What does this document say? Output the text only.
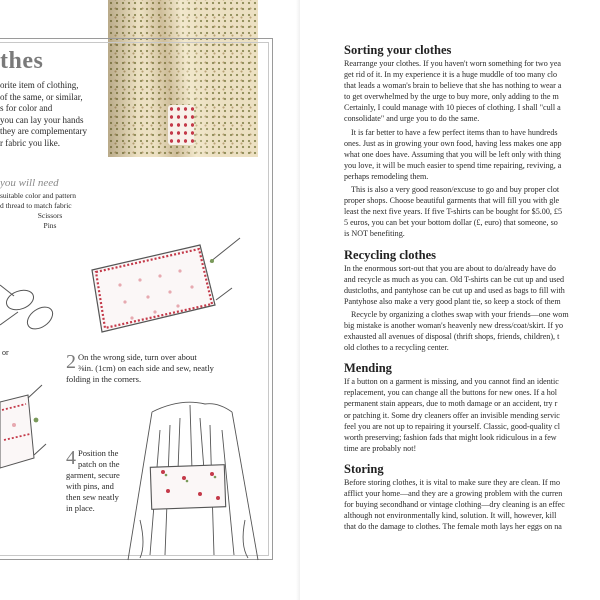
thes
orite item of clothing,
of the same, or similar,
s for color and
you can lay your hands
they are complementary
r fabric you like.
you will need
suitable color and pattern
d thread to match fabric
Scissors
Pins
or	2 On the wrong side, turn over about
⅜in. (1cm) on each side and sew, neatly
folding in the corners.
4 Position the
patch on the
garment, secure
with pins, and
then sew neatly
in place.
Sorting your clothes
Rearrange your clothes. If you haven't worn something for two yea
get rid of it. In my experience it is a huge muddle of too many clo
that leads a woman's brain to believe that she has nothing to wear a
to get overwhelmed by the urge to buy more, only adding to the m
Certainly, I could manage with 10 pieces of clothing. I shall "cull a
consolidate" and urge you to do the same.
It is far better to have a few perfect items than to have hundreds
ones. Just as in growing your own food, having less makes one app
what one does have. Assuming that you will be left only with thing
you love, it will be much easier to spend time repairing, reviving, a
perhaps remodeling them.
This is also a very good reason/excuse to go and buy proper clot
proper shops. Choose beautiful garments that will fill you with gle
least the next five years. If five T-shirts can be bought for $5.00, £5
5 euros, you can bet your bottom dollar (£, euro) that someone, so
is NOT benefiting.
Recycling clothes
In the enormous sort-out that you are about to do/already have do
and recycle as much as you can. Old T-shirts can be cut up and used
dustcloths, and pantyhose can be cut up and used as bags to fill with
Pantyhose also make a very good plant tie, so keep a stock of them
Recycle by organizing a clothes swap with your friends—one wom
big mistake is another woman's heavenly new dress/coat/skirt. If yo
exhausted all avenues of disposal (thrift shops, friends, children), t
old clothes to a recycling center.
Mending
If a button on a garment is missing, and you cannot find an identic
replacement, you can change all the buttons for new ones. If a hol
permanent stain appears, due to moth damage or an accident, try r
or patching it. Some dry cleaners offer an invisible mending servic
feel you are not up to repairing it yourself. Classic, good-quality cl
worth preserving; fashion fads that might look ridiculous in a few
time are probably not!
Storing
Before storing clothes, it is vital to make sure they are clean. If mo
afflict your home—and they are a growing problem with the curren
for buying secondhand or vintage clothing—dry cleaning is an effec
although not environmentally kind, solution. It will, however, kill
that do the damage to clothes. The female moth lays her eggs on na
